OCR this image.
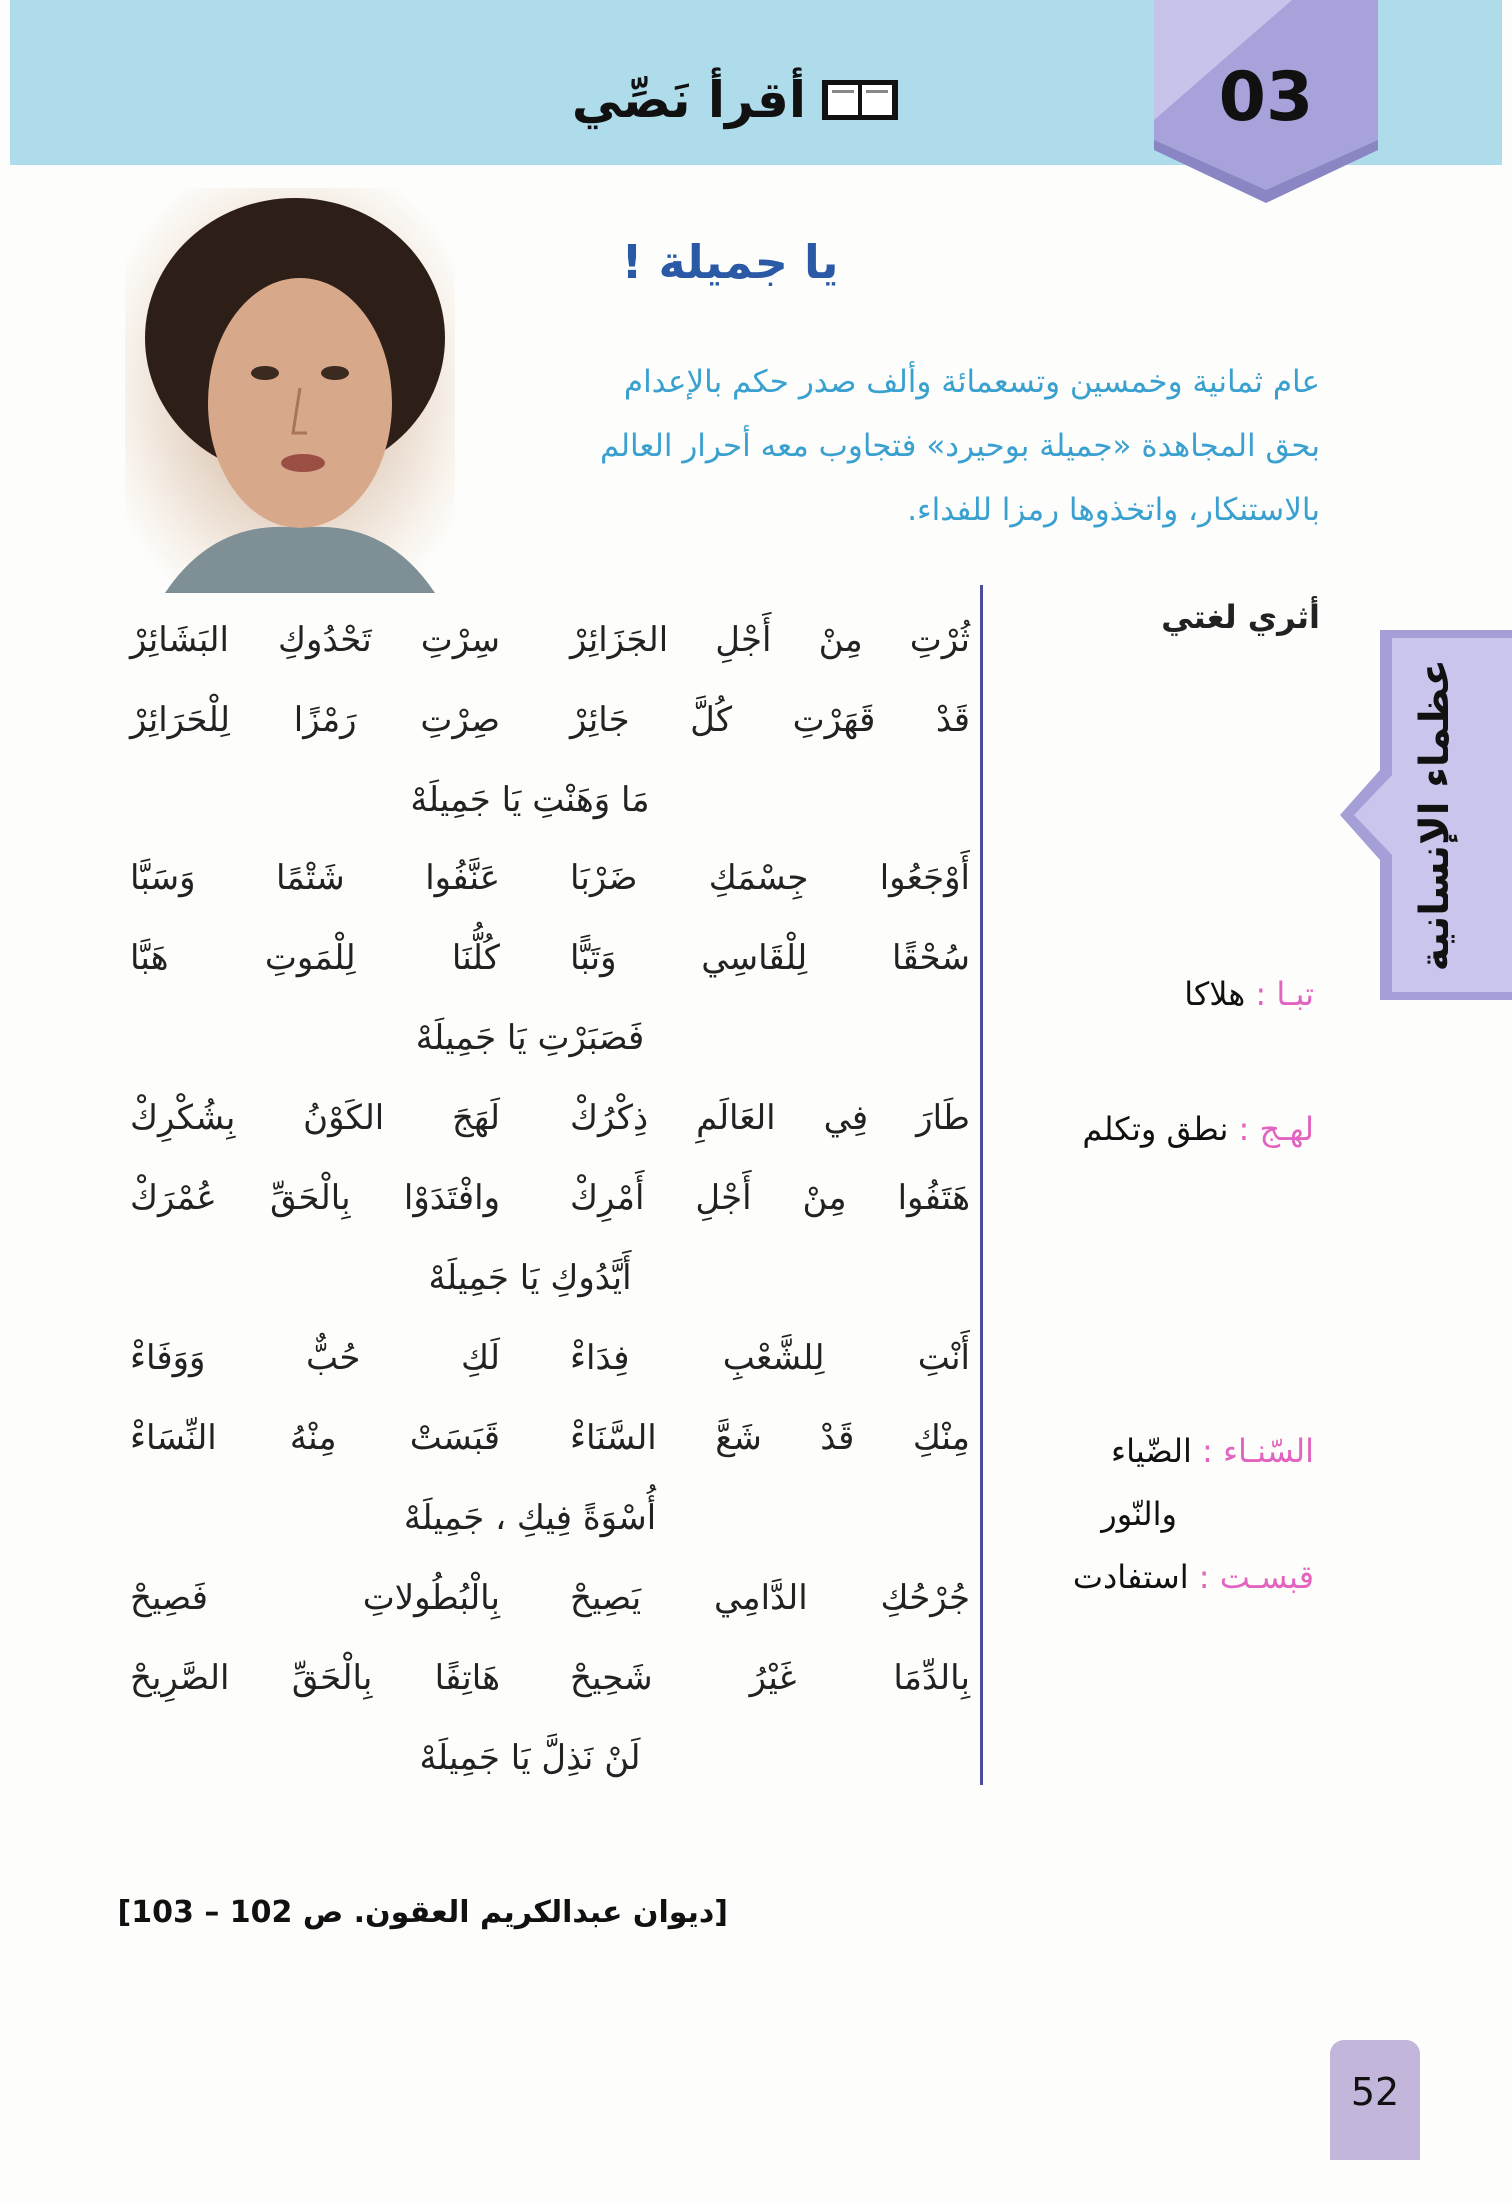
أقرأ نَصِّي	03
يا جميلة !
عام ثمانية وخمسين وتسعمائة وألف صدر حكم بالإعدام
بحق المجاهدة «جميلة بوحيرد» فتجاوب معه أحرار العالم
بالاستنكار، واتخذوها رمزا للفداء.
أثري لغتي
عظماء الإنسانية
تبـا : هلاكا
لهـج : نطق وتكلم
السّنـاء : الضّياء
والنّور
قبسـت : استفادت
ثُرْتِ مِنْ أَجْلِ الجَزَائِرْ
سِرْتِ تَحْدُوكِ البَشَائِرْ
قَدْ قَهَرْتِ كُلَّ جَائِرْ
صِرْتِ رَمْزًا لِلْحَرَائِرْ
مَا وَهَنْتِ يَا جَمِيلَهْ
أَوْجَعُوا جِسْمَكِ ضَرْبَا
عَنَّفُوا شَتْمًا وَسَبَّا
سُحْقًا لِلْقَاسِي وَتَبًّا
كُلُّنَا لِلْمَوتِ هَبَّا
فَصَبَرْتِ يَا جَمِيلَهْ
طَارَ فِي العَالَمِ ذِكْرُكْ
لَهَجَ الكَوْنُ بِشُكْرِكْ
هَتَفُوا مِنْ أَجْلِ أَمْرِكْ
وافْتَدَوْا بِالْحَقِّ عُمْرَكْ
أَيَّدُوكِ يَا جَمِيلَهْ
أَنْتِ لِلشَّعْبِ فِدَاءْ
لَكِ حُبٌّ وَوَفَاءْ
مِنْكِ قَدْ شَعَّ السَّنَاءْ
قَبَسَتْ مِنْهُ النِّسَاءْ
أُسْوَةً فِيكِ ، جَمِيلَهْ
جُرْحُكِ الدَّامِي يَصِيحْ
بِالْبُطُولاتِ فَصِيحْ
بِالدِّمَا غَيْرُ شَحِيحْ
هَاتِفًا بِالْحَقِّ الصَّرِيحْ
لَنْ نَذِلَّ يَا جَمِيلَهْ
[ديوان عبدالكريم العقون. ص 102 – 103]
52
